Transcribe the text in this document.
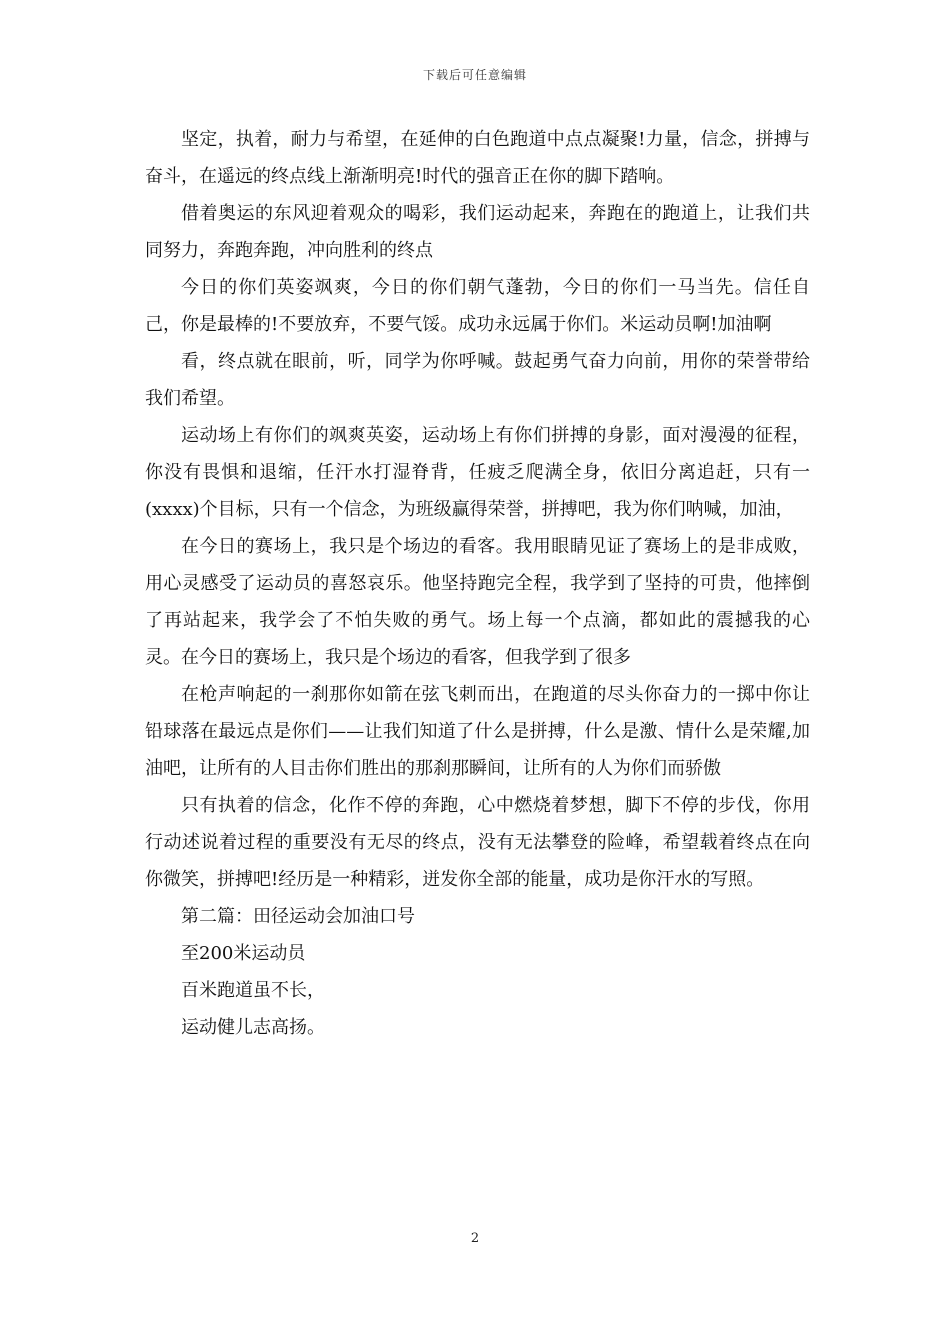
下载后可任意编辑

坚定，执着，耐力与希望，在延伸的白色跑道中点点凝聚!力量，信念，拼搏与奋斗，在遥远的终点线上渐渐明亮!时代的强音正在你的脚下踏响。

借着奥运的东风迎着观众的喝彩，我们运动起来，奔跑在的跑道上，让我们共同努力，奔跑奔跑，冲向胜利的终点

今日的你们英姿飒爽，今日的你们朝气蓬勃，今日的你们一马当先。信任自己，你是最棒的!不要放弃，不要气馁。成功永远属于你们。米运动员啊!加油啊

看，终点就在眼前，听，同学为你呼喊。鼓起勇气奋力向前，用你的荣誉带给我们希望。

运动场上有你们的飒爽英姿，运动场上有你们拼搏的身影，面对漫漫的征程，你没有畏惧和退缩，任汗水打湿脊背，任疲乏爬满全身，依旧分离追赶，只有一(xxxx)个目标，只有一个信念，为班级赢得荣誉，拼搏吧，我为你们呐喊，加油，

在今日的赛场上，我只是个场边的看客。我用眼睛见证了赛场上的是非成败，用心灵感受了运动员的喜怒哀乐。他坚持跑完全程，我学到了坚持的可贵，他摔倒了再站起来，我学会了不怕失败的勇气。场上每一个点滴，都如此的震撼我的心灵。在今日的赛场上，我只是个场边的看客，但我学到了很多

在枪声响起的一刹那你如箭在弦飞刺而出，在跑道的尽头你奋力的一掷中你让铅球落在最远点是你们——让我们知道了什么是拼搏，什么是激、情什么是荣耀,加油吧，让所有的人目击你们胜出的那刹那瞬间，让所有的人为你们而骄傲

只有执着的信念，化作不停的奔跑，心中燃烧着梦想，脚下不停的步伐，你用行动述说着过程的重要没有无尽的终点，没有无法攀登的险峰，希望载着终点在向你微笑，拼搏吧!经历是一种精彩，迸发你全部的能量，成功是你汗水的写照。

第二篇：田径运动会加油口号

至200米运动员

百米跑道虽不长，

运动健儿志高扬。

2
